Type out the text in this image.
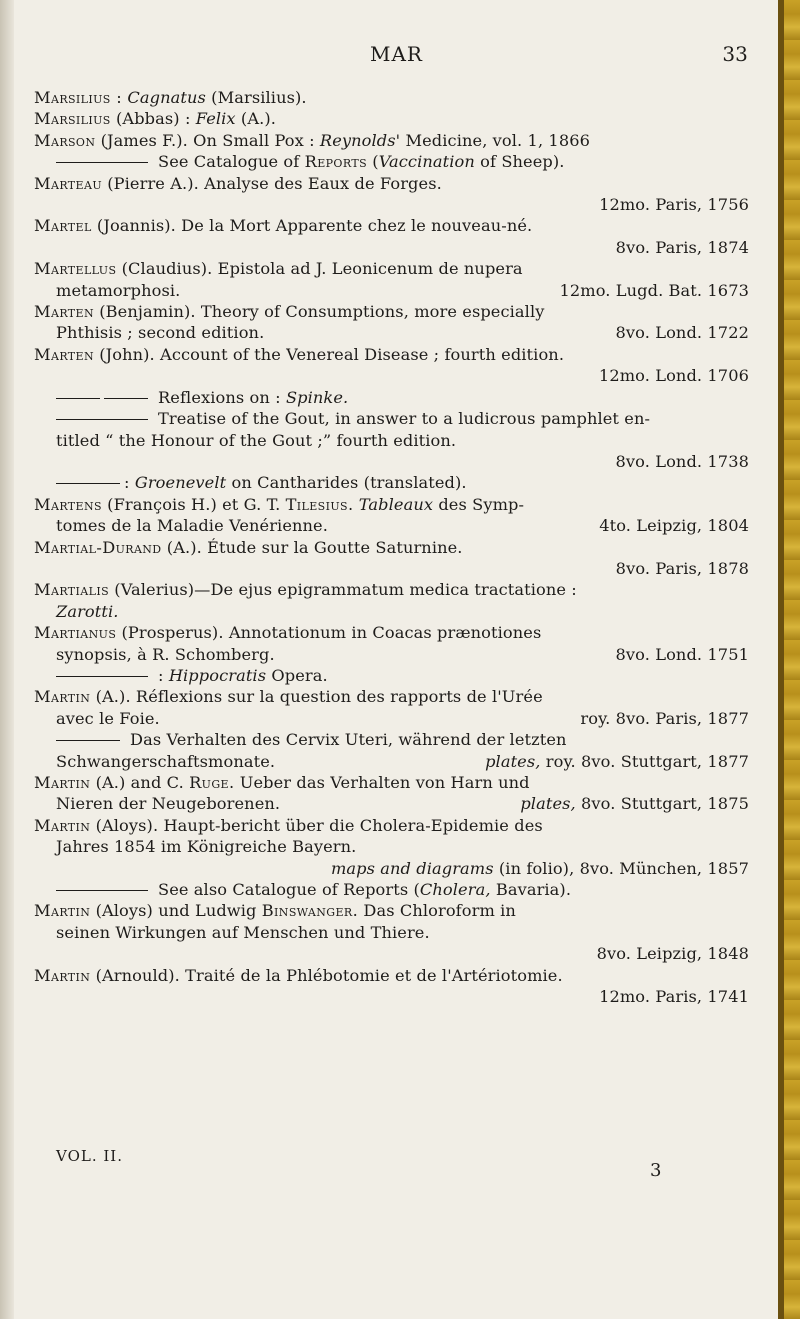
MAR	33
Marsilius : Cagnatus (Marsilius).
Marsilius (Abbas) : Felix (A.).
Marson (James F.). On Small Pox : Reynolds' Medicine, vol. 1, 1866
See Catalogue of Reports (Vaccination of Sheep).
Marteau (Pierre A.). Analyse des Eaux de Forges.
12mo. Paris, 1756
Martel (Joannis). De la Mort Apparente chez le nouveau-né.
8vo. Paris, 1874
Martellus (Claudius). Epistola ad J. Leonicenum de nupera
metamorphosi.	12mo. Lugd. Bat. 1673
Marten (Benjamin). Theory of Consumptions, more especially
Phthisis ; second edition.	8vo. Lond. 1722
Marten (John). Account of the Venereal Disease ; fourth edition.
12mo. Lond. 1706
Reflexions on : Spinke.
Treatise of the Gout, in answer to a ludicrous pamphlet en-
titled “ the Honour of the Gout ;” fourth edition.
8vo. Lond. 1738
: Groenevelt on Cantharides (translated).
Martens (François H.) et G. T. Tilesius. Tableaux des Symp-
tomes de la Maladie Venérienne.	4to. Leipzig, 1804
Martial-Durand (A.). Étude sur la Goutte Saturnine.
8vo. Paris, 1878
Martialis (Valerius)—De ejus epigrammatum medica tractatione :
Zarotti.
Martianus (Prosperus). Annotationum in Coacas prænotiones
synopsis, à R. Schomberg.	8vo. Lond. 1751
: Hippocratis Opera.
Martin (A.). Réflexions sur la question des rapports de l'Urée
avec le Foie.	roy. 8vo. Paris, 1877
Das Verhalten des Cervix Uteri, während der letzten
Schwangerschaftsmonate.	plates, roy. 8vo. Stuttgart, 1877
Martin (A.) and C. Ruge. Ueber das Verhalten von Harn und
Nieren der Neugeborenen.	plates, 8vo. Stuttgart, 1875
Martin (Aloys). Haupt-bericht über die Cholera-Epidemie des
Jahres 1854 im Königreiche Bayern.
maps and diagrams (in folio), 8vo. München, 1857
See also Catalogue of Reports (Cholera, Bavaria).
Martin (Aloys) und Ludwig Binswanger. Das Chloroform in
seinen Wirkungen auf Menschen und Thiere.
8vo. Leipzig, 1848
Martin (Arnould). Traité de la Phlébotomie et de l'Artériotomie.
12mo. Paris, 1741
VOL. II.
3
